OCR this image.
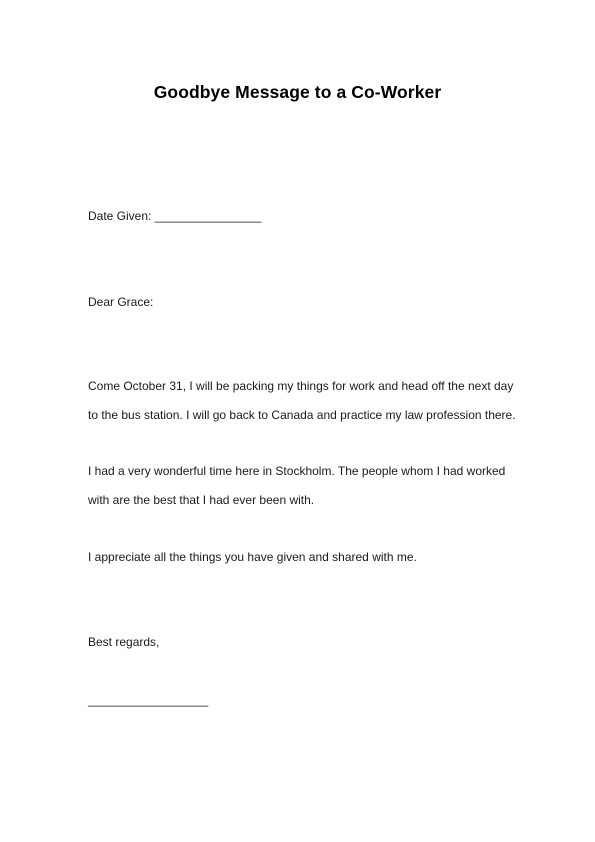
Goodbye Message to a Co-Worker
Date Given: ________________
Dear Grace:
Come October 31, I will be packing my things for work and head off the next day
to the bus station. I will go back to Canada and practice my law profession there.
I had a very wonderful time here in Stockholm. The people whom I had worked
with are the best that I had ever been with.
I appreciate all the things you have given and shared with me.
Best regards,
__________________
